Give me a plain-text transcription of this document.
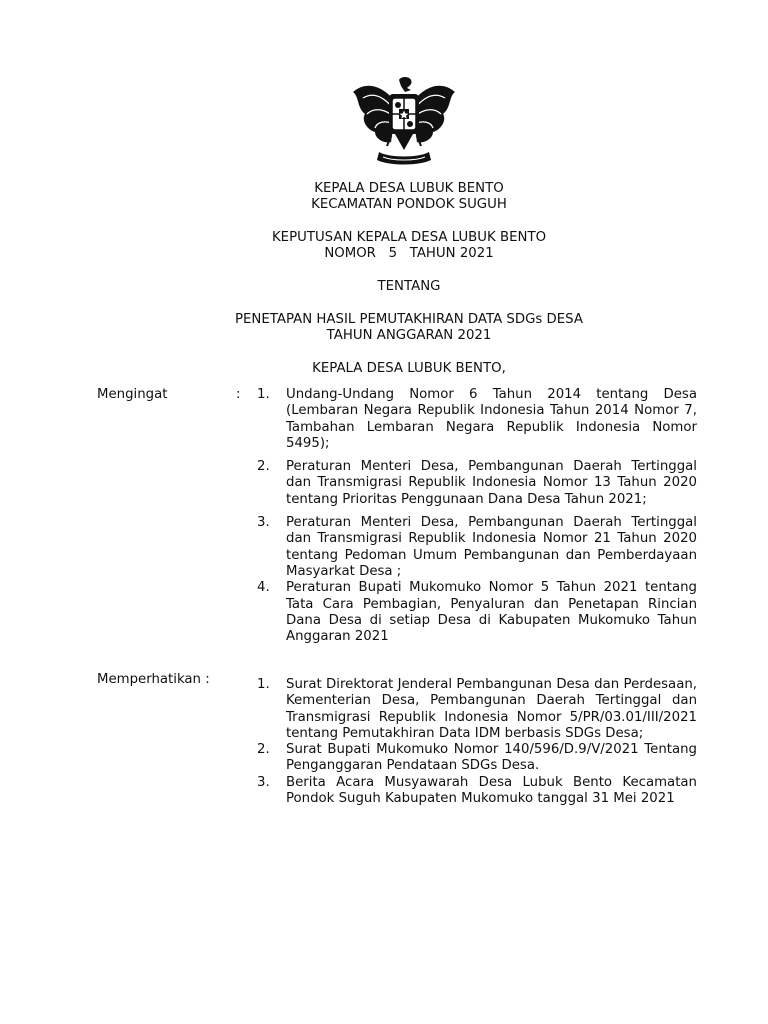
KEPALA DESA LUBUK BENTO
KECAMATAN PONDOK SUGUH
KEPUTUSAN KEPALA DESA LUBUK BENTO
NOMOR   5   TAHUN 2021
TENTANG
PENETAPAN HASIL PEMUTAKHIRAN DATA SDGs DESA
TAHUN ANGGARAN 2021
KEPALA DESA LUBUK BENTO,
Mengingat	: 1.	Undang-Undang Nomor 6 Tahun 2014 tentang Desa (Lembaran Negara Republik Indonesia Tahun 2014 Nomor 7, Tambahan Lembaran Negara Republik Indonesia Nomor 5495);
2.	Peraturan Menteri Desa, Pembangunan Daerah Tertinggal dan Transmigrasi Republik Indonesia Nomor 13 Tahun 2020 tentang Prioritas Penggunaan Dana Desa Tahun 2021;
3.	Peraturan Menteri Desa, Pembangunan Daerah Tertinggal dan Transmigrasi Republik Indonesia Nomor 21 Tahun 2020 tentang Pedoman Umum Pembangunan dan Pemberdayaan Masyarkat Desa ;
4.	Peraturan Bupati Mukomuko Nomor 5 Tahun 2021 tentang Tata Cara Pembagian, Penyaluran dan Penetapan Rincian Dana Desa di setiap Desa di Kabupaten Mukomuko Tahun Anggaran 2021
Memperhatikan :	1.	Surat Direktorat Jenderal Pembangunan Desa dan Perdesaan, Kementerian Desa, Pembangunan Daerah Tertinggal dan Transmigrasi Republik Indonesia Nomor 5/PR/03.01/III/2021 tentang Pemutakhiran Data IDM berbasis SDGs Desa;
2.	Surat Bupati Mukomuko Nomor 140/596/D.9/V/2021 Tentang Penganggaran Pendataan SDGs Desa.
3.	Berita Acara Musyawarah Desa Lubuk Bento Kecamatan Pondok Suguh Kabupaten Mukomuko tanggal 31 Mei 2021
